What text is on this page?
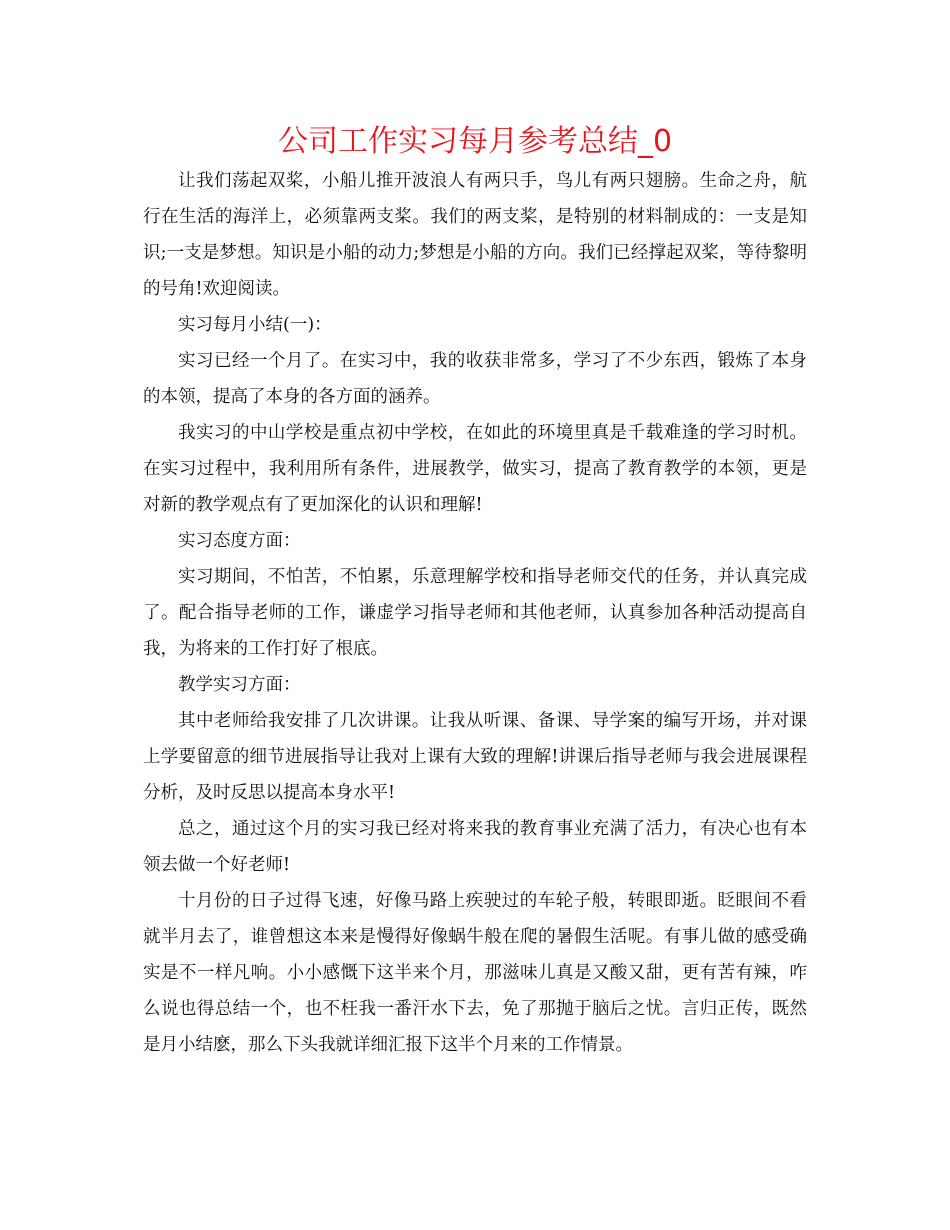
公司工作实习每月参考总结_0

让我们荡起双桨，小船儿推开波浪人有两只手，鸟儿有两只翅膀。生命之舟，航行在生活的海洋上，必须靠两支桨。我们的两支桨，是特别的材料制成的：一支是知识;一支是梦想。知识是小船的动力;梦想是小船的方向。我们已经撑起双桨，等待黎明的号角!欢迎阅读。

实习每月小结(一)：

实习已经一个月了。在实习中，我的收获非常多，学习了不少东西，锻炼了本身的本领，提高了本身的各方面的涵养。

我实习的中山学校是重点初中学校，在如此的环境里真是千载难逢的学习时机。在实习过程中，我利用所有条件，进展教学，做实习，提高了教育教学的本领，更是对新的教学观点有了更加深化的认识和理解!

实习态度方面：

实习期间，不怕苦，不怕累，乐意理解学校和指导老师交代的任务，并认真完成了。配合指导老师的工作，谦虚学习指导老师和其他老师，认真参加各种活动提高自我，为将来的工作打好了根底。

教学实习方面：

其中老师给我安排了几次讲课。让我从听课、备课、导学案的编写开场，并对课上学要留意的细节进展指导让我对上课有大致的理解!讲课后指导老师与我会进展课程分析，及时反思以提高本身水平!

总之，通过这个月的实习我已经对将来我的教育事业充满了活力，有决心也有本领去做一个好老师!

十月份的日子过得飞速，好像马路上疾驶过的车轮子般，转眼即逝。眨眼间不看就半月去了，谁曾想这本来是慢得好像蜗牛般在爬的暑假生活呢。有事儿做的感受确实是不一样凡响。小小感慨下这半来个月，那滋味儿真是又酸又甜，更有苦有辣，咋么说也得总结一个，也不枉我一番汗水下去，免了那抛于脑后之忧。言归正传，既然是月小结麽，那么下头我就详细汇报下这半个月来的工作情景。
